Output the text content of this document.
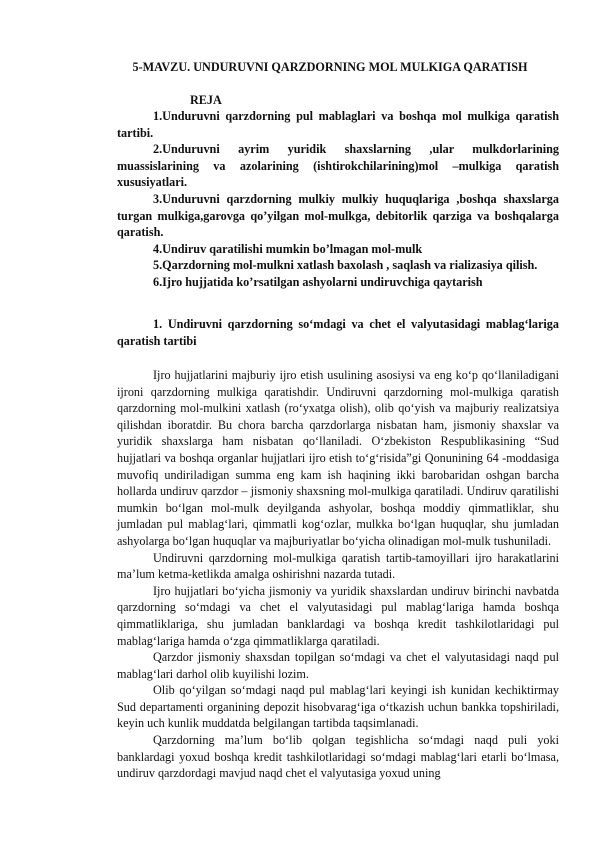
5-MAVZU. UNDURUVNI QARZDORNING MOL MULKIGA QARATISH
REJA

1.Unduruvni qarzdorning pul mablaglari va boshqa mol mulkiga qaratish tartibi.

2.Unduruvni ayrim yuridik shaxslarning ,ular mulkdorlarining muassislarining va azolarining (ishtirokchilarining)mol –mulkiga qaratish xususiyatlari.

3.Unduruvni qarzdorning mulkiy mulkiy huquqlariga ,boshqa shaxslarga turgan mulkiga,garovga qo’yilgan mol-mulkga, debitorlik qarziga va boshqalarga qaratish.

4.Undiruv qaratilishi mumkin bo’lmagan mol-mulk

5.Qarzdorning mol-mulkni xatlash baxolash , saqlash va rializasiya qilish.

6.Ijro hujjatida ko’rsatilgan ashyolarni undiruvchiga qaytarish

1. Undiruvni qarzdorning so‘mdagi va chet el valyutasidagi mablag‘lariga qaratish tartibi

Ijro hujjatlarini majburiy ijro etish usulining asosiysi va eng ko‘p qo‘llaniladigani ijroni qarzdorning mulkiga qaratishdir. Undiruvni qarzdorning mol-mulkiga qaratish qarzdorning mol-mulkini xatlash (ro‘yxatga olish), olib qo‘yish va majburiy realizatsiya qilishdan iboratdir. Bu chora barcha qarzdorlarga nisbatan ham, jismoniy shaxslar va yuridik shaxslarga ham nisbatan qo‘llaniladi. O‘zbekiston Respublikasining “Sud hujjatlari va boshqa organlar hujjatlari ijro etish to‘g‘risida”gi Qonunining 64 -moddasiga muvofiq undiriladigan summa eng kam ish haqining ikki barobaridan oshgan barcha hollarda undiruv qarzdor – jismoniy shaxsning mol-mulkiga qaratiladi. Undiruv qaratilishi mumkin bo‘lgan mol-mulk deyilganda ashyolar, boshqa moddiy qimmatliklar, shu jumladan pul mablag‘lari, qimmatli kog‘ozlar, mulkka bo‘lgan huquqlar, shu jumladan ashyolarga bo‘lgan huquqlar va majburiyatlar bo‘yicha olinadigan mol-mulk tushuniladi.

Undiruvni qarzdorning mol-mulkiga qaratish tartib-tamoyillari ijro harakatlarini ma’lum ketma-ketlikda amalga oshirishni nazarda tutadi.

Ijro hujjatlari bo‘yicha jismoniy va yuridik shaxslardan undiruv birinchi navbatda qarzdorning so‘mdagi va chet el valyutasidagi pul mablag‘lariga hamda boshqa qimmatliklariga, shu jumladan banklardagi va boshqa kredit tashkilotlaridagi pul mablag‘lariga hamda o‘zga qimmatliklarga qaratiladi.

Qarzdor jismoniy shaxsdan topilgan so‘mdagi va chet el valyutasidagi naqd pul mablag‘lari darhol olib kuyilishi lozim.

Olib qo‘yilgan so‘mdagi naqd pul mablag‘lari keyingi ish kunidan kechiktirmay Sud departamenti organining depozit hisobvarag‘iga o‘tkazish uchun bankka topshiriladi, keyin uch kunlik muddatda belgilangan tartibda taqsimlanadi.

Qarzdorning ma’lum bo‘lib qolgan tegishlicha so‘mdagi naqd puli yoki banklardagi yoxud boshqa kredit tashkilotlaridagi so‘mdagi mablag‘lari etarli bo‘lmasa, undiruv qarzdordagi mavjud naqd chet el valyutasiga yoxud uning
